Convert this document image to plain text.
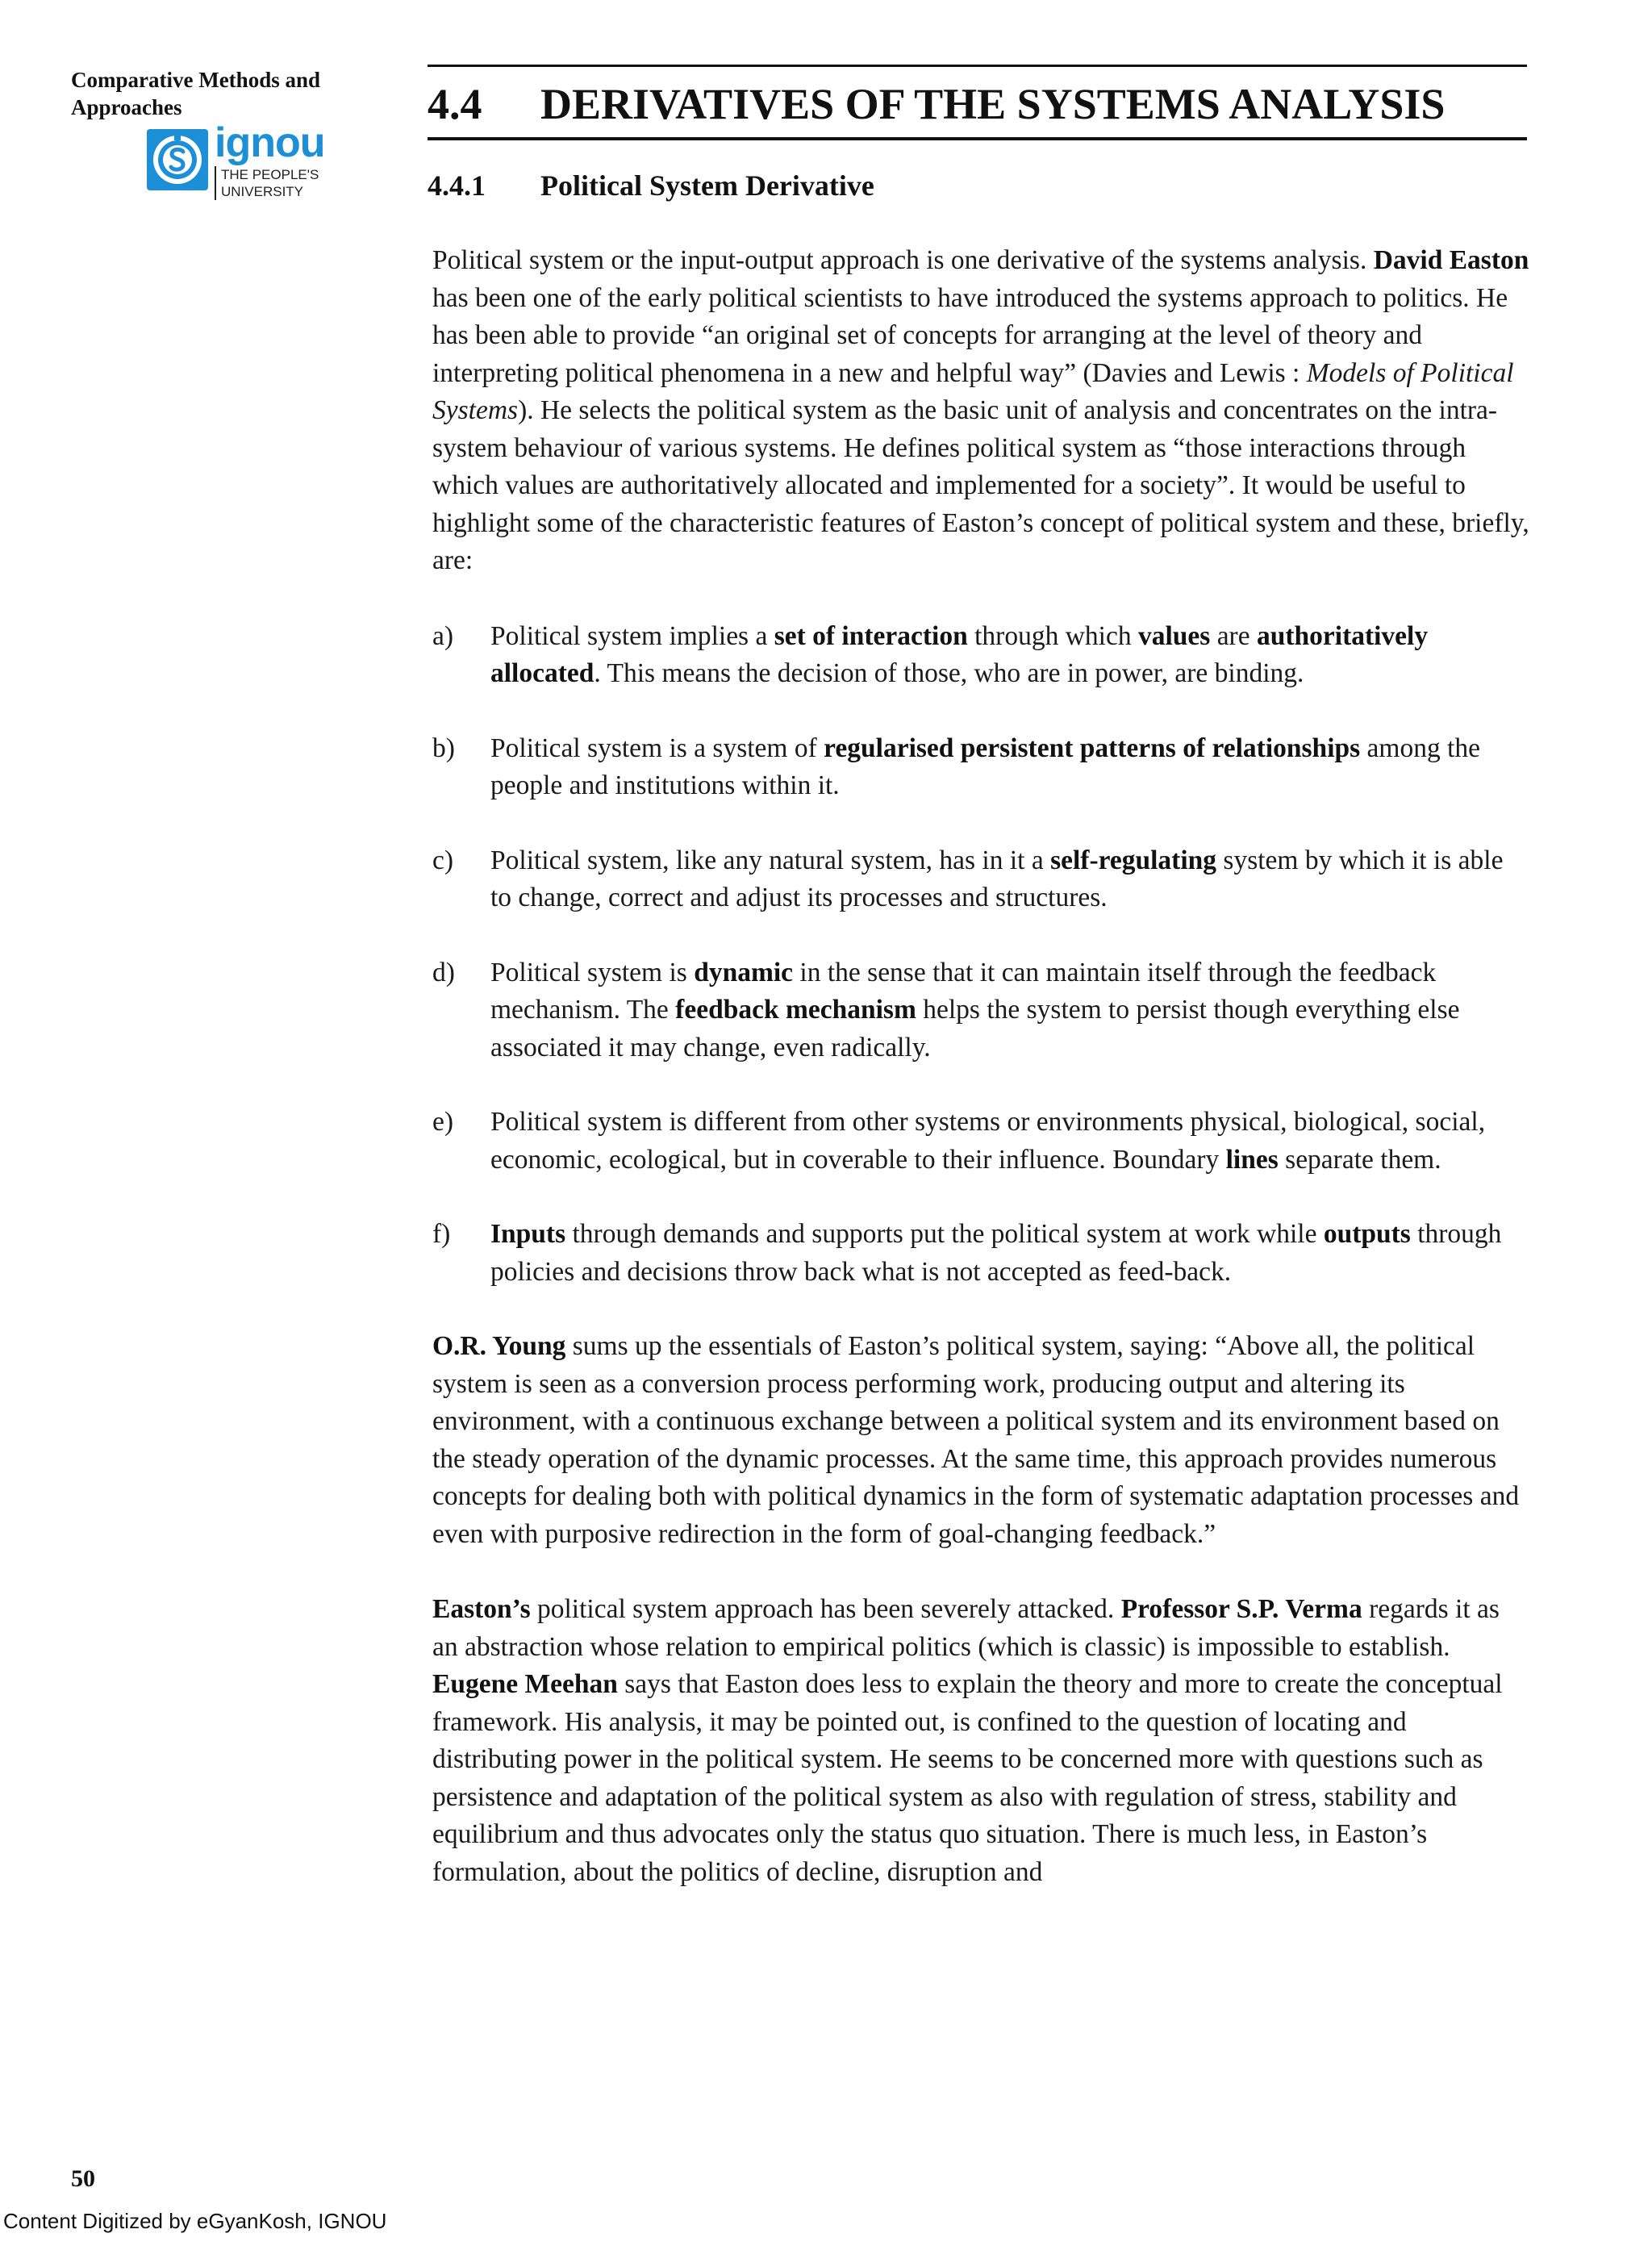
Comparative Methods and
Approaches
ignou
THE PEOPLE'S
UNIVERSITY
4.4 DERIVATIVES OF THE SYSTEMS ANALYSIS
4.4.1 Political System Derivative

Political system or the input-output approach is one derivative of the systems analysis. David Easton has been one of the early political scientists to have introduced the systems approach to politics. He has been able to provide “an original set of concepts for arranging at the level of theory and interpreting political phenomena in a new and helpful way” (Davies and Lewis : Models of Political Systems). He selects the political system as the basic unit of analysis and concentrates on the intra-system behaviour of various systems. He defines political system as “those interactions through which values are authoritatively allocated and implemented for a society”. It would be useful to highlight some of the characteristic features of Easton’s concept of political system and these, briefly, are:

a)	Political system implies a set of interaction through which values are authoritatively allocated. This means the decision of those, who are in power, are binding.
b)	Political system is a system of regularised persistent patterns of relationships among the people and institutions within it.
c)	Political system, like any natural system, has in it a self-regulating system by which it is able to change, correct and adjust its processes and structures.
d)	Political system is dynamic in the sense that it can maintain itself through the feedback mechanism. The feedback mechanism helps the system to persist though everything else associated it may change, even radically.
e)	Political system is different from other systems or environments physical, biological, social, economic, ecological, but in coverable to their influence. Boundary lines separate them.
f)	Inputs through demands and supports put the political system at work while outputs through policies and decisions throw back what is not accepted as feed-back.

O.R. Young sums up the essentials of Easton’s political system, saying: “Above all, the political system is seen as a conversion process performing work, producing output and altering its environment, with a continuous exchange between a political system and its environment based on the steady operation of the dynamic processes. At the same time, this approach provides numerous concepts for dealing both with political dynamics in the form of systematic adaptation processes and even with purposive redirection in the form of goal-changing feedback.”

Easton’s political system approach has been severely attacked. Professor S.P. Verma regards it as an abstraction whose relation to empirical politics (which is classic) is impossible to establish. Eugene Meehan says that Easton does less to explain the theory and more to create the conceptual framework. His analysis, it may be pointed out, is confined to the question of locating and distributing power in the political system. He seems to be concerned more with questions such as persistence and adaptation of the political system as also with regulation of stress, stability and equilibrium and thus advocates only the status quo situation. There is much less, in Easton’s formulation, about the politics of decline, disruption and

50
Content Digitized by eGyanKosh, IGNOU
